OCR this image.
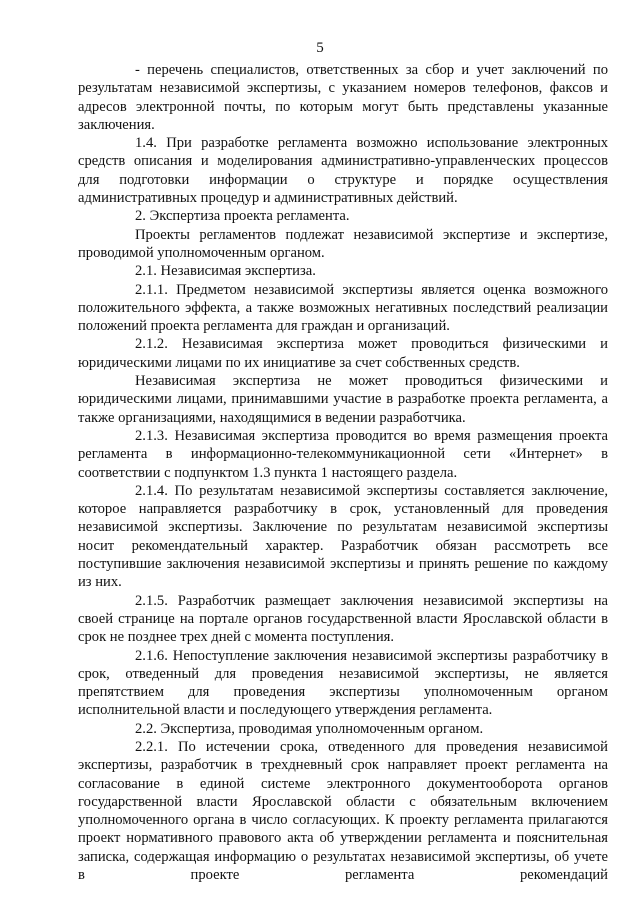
5

- перечень специалистов, ответственных за сбор и учет заключений по результатам независимой экспертизы, с указанием номеров телефонов, факсов и адресов электронной почты, по которым могут быть представлены указанные заключения.

1.4. При разработке регламента возможно использование электронных средств описания и моделирования административно-управленческих процессов для подготовки информации о структуре и порядке осуществления административных процедур и административных действий.

2. Экспертиза проекта регламента.

Проекты регламентов подлежат независимой экспертизе и экспертизе, проводимой уполномоченным органом.

2.1. Независимая экспертиза.

2.1.1. Предметом независимой экспертизы является оценка возможного положительного эффекта, а также возможных негативных последствий реализации положений проекта регламента для граждан и организаций.

2.1.2. Независимая экспертиза может проводиться физическими и юридическими лицами по их инициативе за счет собственных средств.

Независимая экспертиза не может проводиться физическими и юридическими лицами, принимавшими участие в разработке проекта регламента, а также организациями, находящимися в ведении разработчика.

2.1.3. Независимая экспертиза проводится во время размещения проекта регламента в информационно-телекоммуникационной сети «Интернет» в соответствии с подпунктом 1.3 пункта 1 настоящего раздела.

2.1.4. По результатам независимой экспертизы составляется заключение, которое направляется разработчику в срок, установленный для проведения независимой экспертизы. Заключение по результатам независимой экспертизы носит рекомендательный характер. Разработчик обязан рассмотреть все поступившие заключения независимой экспертизы и принять решение по каждому из них.

2.1.5. Разработчик размещает заключения независимой экспертизы на своей странице на портале органов государственной власти Ярославской области в срок не позднее трех дней с момента поступления.

2.1.6. Непоступление заключения независимой экспертизы разработчику в срок, отведенный для проведения независимой экспертизы, не является препятствием для проведения экспертизы уполномоченным органом исполнительной власти и последующего утверждения регламента.

2.2. Экспертиза, проводимая уполномоченным органом.

2.2.1. По истечении срока, отведенного для проведения независимой экспертизы, разработчик в трехдневный срок направляет проект регламента на согласование в единой системе электронного документооборота органов государственной власти Ярославской области с обязательным включением уполномоченного органа в число согласующих. К проекту регламента прилагаются проект нормативного правового акта об утверждении регламента и пояснительная записка, содержащая информацию о результатах независимой экспертизы, об учете в проекте регламента рекомендаций
